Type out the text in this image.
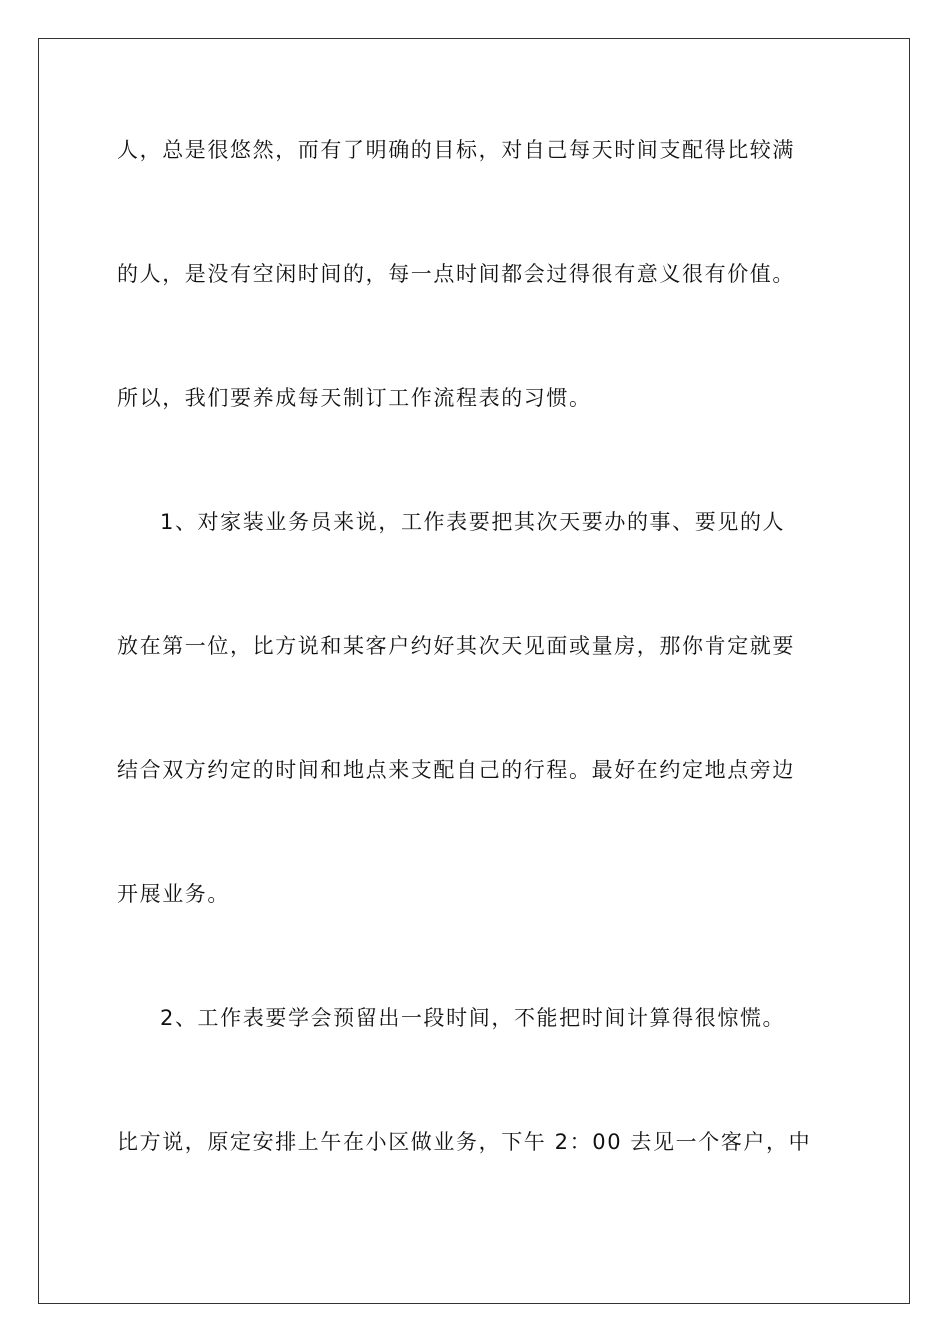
人，总是很悠然，而有了明确的目标，对自己每天时间支配得比较满
的人，是没有空闲时间的，每一点时间都会过得很有意义很有价值。
所以，我们要养成每天制订工作流程表的习惯。
1、对家装业务员来说，工作表要把其次天要办的事、要见的人
放在第一位，比方说和某客户约好其次天见面或量房，那你肯定就要
结合双方约定的时间和地点来支配自己的行程。最好在约定地点旁边
开展业务。
2、工作表要学会预留出一段时间，不能把时间计算得很惊慌。
比方说，原定安排上午在小区做业务，下午 2：00 去见一个客户，中
